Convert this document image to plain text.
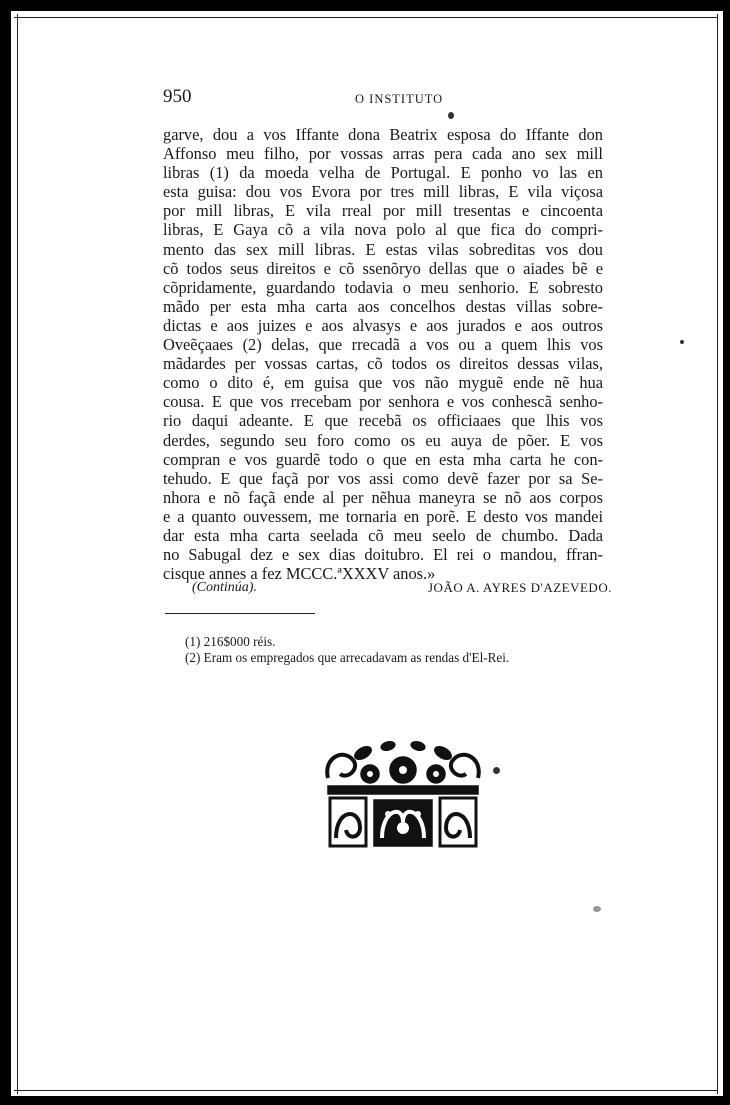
950	O INSTITUTO
garve, dou a vos Iffante dona Beatrix esposa do Iffante don
Affonso meu filho, por vossas arras pera cada ano sex mill
libras (1) da moeda velha de Portugal. E ponho vo las en
esta guisa: dou vos Evora por tres mill libras, E vila viçosa
por mill libras, E vila rreal por mill tresentas e cincoenta
libras, E Gaya cõ a vila nova polo al que fica do compri-
mento das sex mill libras. E estas vilas sobreditas vos dou
cõ todos seus direitos e cõ ssenõryo dellas que o aiades bẽ e
cõpridamente, guardando todavia o meu senhorio. E sobresto
mãdo per esta mha carta aos concelhos destas villas sobre-
dictas e aos juizes e aos alvasys e aos jurados e aos outros
Oveẽçaaes (2) delas, que rrecadã a vos ou a quem lhis vos
mãdardes per vossas cartas, cõ todos os direitos dessas vilas,
como o dito é, em guisa que vos não myguẽ ende nẽ hua
cousa. E que vos rrecebam por senhora e vos conhescã senho-
rio daqui adeante. E que recebã os officiaaes que lhis vos
derdes, segundo seu foro como os eu auya de põer. E vos
compran e vos guardẽ todo o que en esta mha carta he con-
tehudo. E que façã por vos assi como devẽ fazer por sa Se-
nhora e nõ façã ende al per nẽhua maneyra se nõ aos corpos
e a quanto ouvessem, me tornaria en porẽ. E desto vos mandei
dar esta mha carta seelada cõ meu seelo de chumbo. Dada
no Sabugal dez e sex dias doitubro. El rei o mandou, ffran-
cisque annes a fez MCCC.ªXXXV anos.»
(Continúa).	JOÃO A. AYRES D'AZEVEDO.
(1) 216$000 réis.
(2) Eram os empregados que arrecadavam as rendas d'El-Rei.
